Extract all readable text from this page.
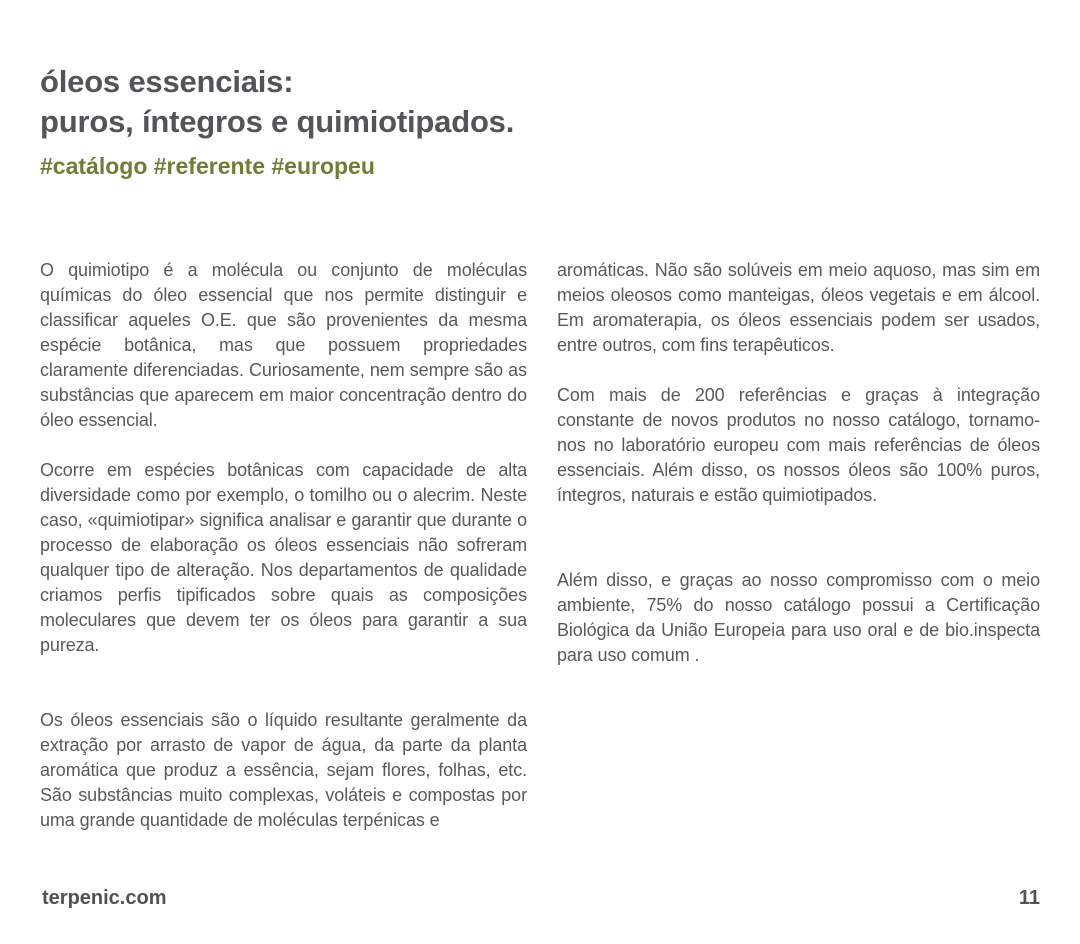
óleos essenciais:
puros, íntegros e quimiotipados.
#catálogo #referente #europeu

O quimiotipo é a molécula ou conjunto de moléculas químicas do óleo essencial que nos permite distinguir e classificar aqueles O.E. que são provenientes da mesma espécie botânica, mas que possuem propriedades claramente diferenciadas. Curiosamente, nem sempre são as substâncias que aparecem em maior concentração dentro do óleo essencial.

Ocorre em espécies botânicas com capacidade de alta diversidade como por exemplo, o tomilho ou o alecrim. Neste caso, «quimiotipar» significa analisar e garantir que durante o processo de elaboração os óleos essenciais não sofreram qualquer tipo de alteração. Nos departamentos de qualidade criamos perfis tipificados sobre quais as composições moleculares que devem ter os óleos para garantir a sua pureza.

Os óleos essenciais são o líquido resultante geralmente da extração por arrasto de vapor de água, da parte da planta aromática que produz a essência, sejam flores, folhas, etc. São substâncias muito complexas, voláteis e compostas por uma grande quantidade de moléculas terpénicas e

aromáticas. Não são solúveis em meio aquoso, mas sim em meios oleosos como manteigas, óleos vegetais e em álcool. Em aromaterapia, os óleos essenciais podem ser usados, entre outros, com fins terapêuticos.

Com mais de 200 referências e graças à integração constante de novos produtos no nosso catálogo, tornamo-nos no laboratório europeu com mais referências de óleos essenciais. Além disso, os nossos óleos são 100% puros, íntegros, naturais e estão quimiotipados.

Além disso, e graças ao nosso compromisso com o meio ambiente, 75% do nosso catálogo possui a Certificação Biológica da União Europeia para uso oral e de bio.inspecta para uso comum .

terpenic.com	11
